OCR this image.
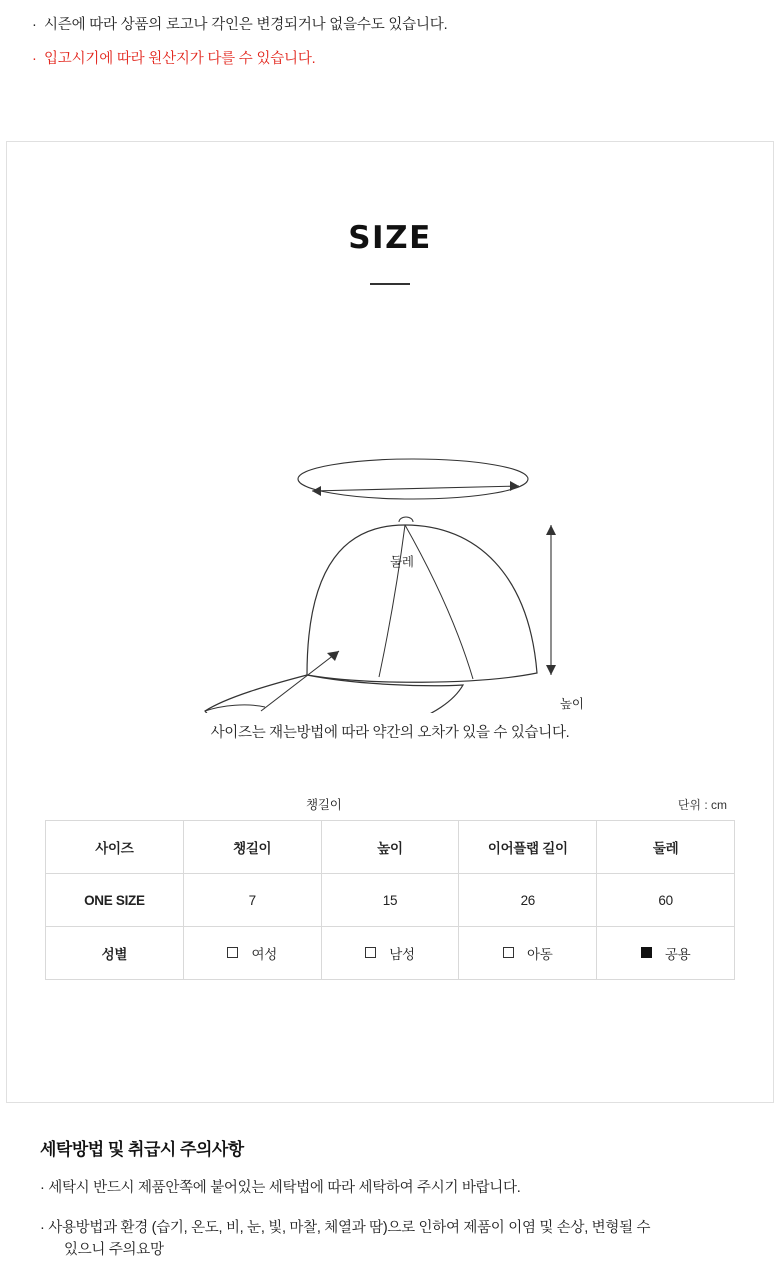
· 시즌에 따라 상품의 로고나 각인은 변경되거나 없을수도 있습니다.
· 입고시기에 따라 원산지가 다를 수 있습니다.
SIZE
둘레
높이
챙길이
사이즈는 재는방법에 따라 약간의 오차가 있을 수 있습니다.
단위 : cm
사이즈	챙길이	높이	이어플랩 길이	둘레
ONE SIZE	7	15	26	60
성별	여성	남성	아동	공용
세탁방법 및 취급시 주의사항
· 세탁시 반드시 제품안쪽에 붙어있는 세탁법에 따라 세탁하여 주시기 바랍니다.
· 사용방법과 환경 (습기, 온도, 비, 눈, 빛, 마찰, 체열과 땀)으로 인하여 제품이 이염 및 손상, 변형될 수
있으니 주의요망
